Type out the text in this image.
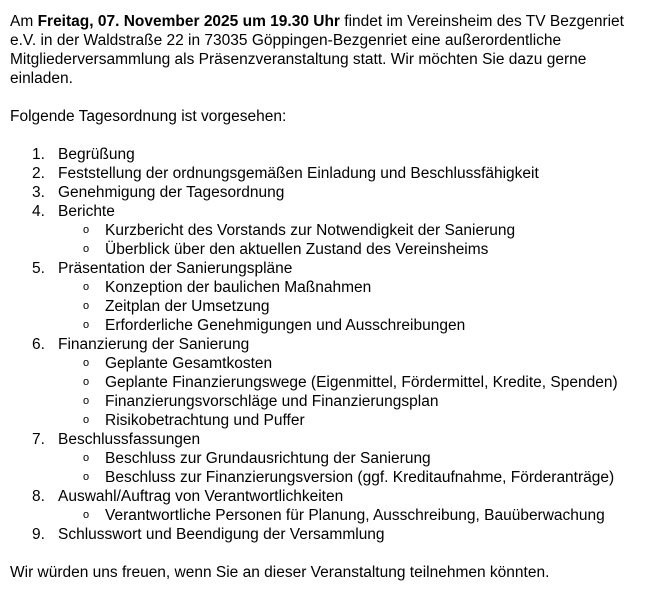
Am Freitag, 07. November 2025 um 19.30 Uhr findet im Vereinsheim des TV Bezgenriet e.V. in der Waldstraße 22 in 73035 Göppingen-Bezgenriet eine außerordentliche Mitgliederversammlung als Präsenzveranstaltung statt. Wir möchten Sie dazu gerne einladen.

Folgende Tagesordnung ist vorgesehen:

1. Begrüßung
2. Feststellung der ordnungsgemäßen Einladung und Beschlussfähigkeit
3. Genehmigung der Tagesordnung
4. Berichte
o Kurzbericht des Vorstands zur Notwendigkeit der Sanierung
o Überblick über den aktuellen Zustand des Vereinsheims
5. Präsentation der Sanierungspläne
o Konzeption der baulichen Maßnahmen
o Zeitplan der Umsetzung
o Erforderliche Genehmigungen und Ausschreibungen
6. Finanzierung der Sanierung
o Geplante Gesamtkosten
o Geplante Finanzierungswege (Eigenmittel, Fördermittel, Kredite, Spenden)
o Finanzierungsvorschläge und Finanzierungsplan
o Risikobetrachtung und Puffer
7. Beschlussfassungen
o Beschluss zur Grundausrichtung der Sanierung
o Beschluss zur Finanzierungsversion (ggf. Kreditaufnahme, Förderanträge)
8. Auswahl/Auftrag von Verantwortlichkeiten
o Verantwortliche Personen für Planung, Ausschreibung, Bauüberwachung
9. Schlusswort und Beendigung der Versammlung

Wir würden uns freuen, wenn Sie an dieser Veranstaltung teilnehmen könnten.
